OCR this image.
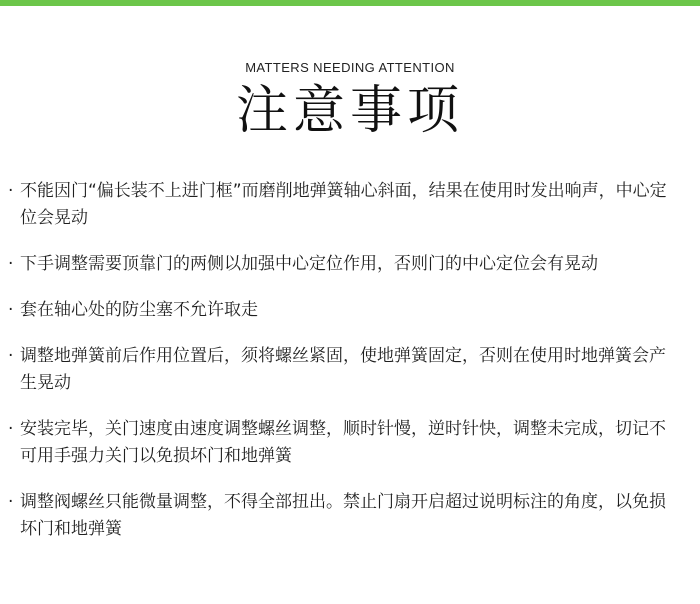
MATTERS NEEDING ATTENTION
注意事项
· 不能因门“偏长装不上进门框”而磨削地弹簧轴心斜面，结果在使用时发出响声，中心定位会晃动
· 下手调整需要顶靠门的两侧以加强中心定位作用，否则门的中心定位会有晃动
· 套在轴心处的防尘塞不允许取走
· 调整地弹簧前后作用位置后，须将螺丝紧固，使地弹簧固定，否则在使用时地弹簧会产生晃动
· 安装完毕，关门速度由速度调整螺丝调整，顺时针慢，逆时针快，调整未完成，切记不可用手强力关门以免损坏门和地弹簧
· 调整阀螺丝只能微量调整，不得全部扭出。禁止门扇开启超过说明标注的角度，以免损坏门和地弹簧
